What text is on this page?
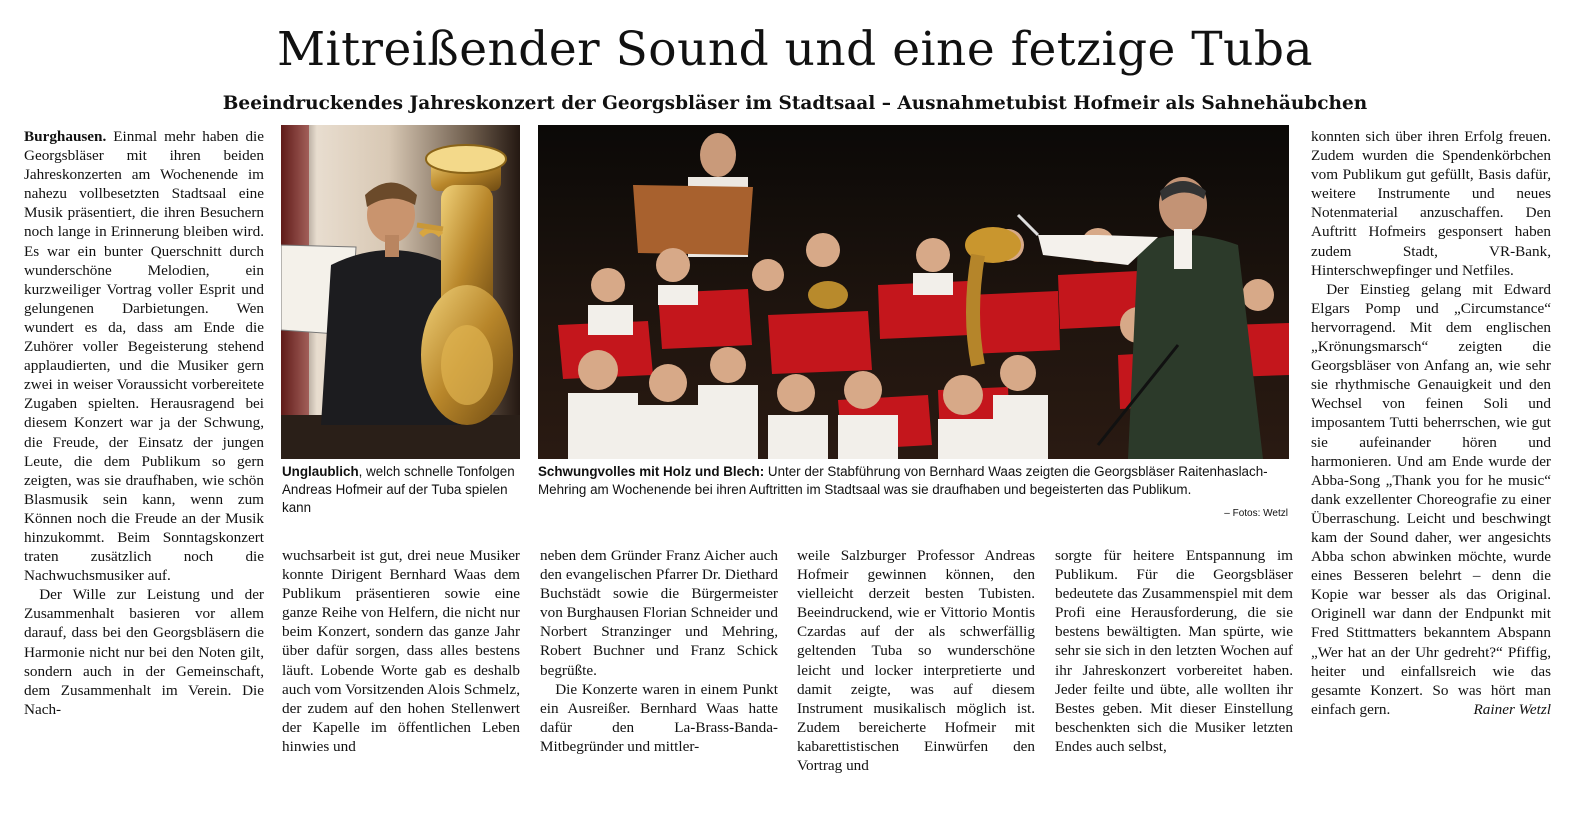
Mitreißender Sound und eine fetzige Tuba
Beeindruckendes Jahreskonzert der Georgsbläser im Stadtsaal – Ausnahmetubist Hofmeir als Sahnehäubchen

Burghausen. Einmal mehr haben die Georgsbläser mit ihren beiden Jahreskonzerten am Wochenende im nahezu vollbesetzten Stadtsaal eine Musik präsentiert, die ihren Besuchern noch lange in Erinnerung bleiben wird. Es war ein bunter Querschnitt durch wunderschöne Melodien, ein kurzweiliger Vortrag voller Esprit und gelungenen Darbietungen. Wen wundert es da, dass am Ende die Zuhörer voller Begeisterung stehend applaudierten, und die Musiker gern zwei in weiser Voraussicht vorbereitete Zugaben spielten. Herausragend bei diesem Konzert war ja der Schwung, die Freude, der Einsatz der jungen Leute, die dem Publikum so gern zeigten, was sie draufhaben, wie schön Blasmusik sein kann, wenn zum Können noch die Freude an der Musik hinzukommt. Beim Sonntagskonzert traten zusätzlich noch die Nachwuchsmusiker auf.

Der Wille zur Leistung und der Zusammenhalt basieren vor allem darauf, dass bei den Georgsbläsern die Harmonie nicht nur bei den Noten gilt, sondern auch in der Gemeinschaft, dem Zusammenhalt im Verein. Die Nach-

Unglaublich, welch schnelle Tonfolgen Andreas Hofmeir auf der Tuba spielen kann
Schwungvolles mit Holz und Blech: Unter der Stabführung von Bernhard Waas zeigten die Georgsbläser Raitenhaslach-Mehring am Wochenende bei ihren Auftritten im Stadtsaal was sie draufhaben und begeisterten das Publikum.
– Fotos: Wetzl

wuchsarbeit ist gut, drei neue Musiker konnte Dirigent Bernhard Waas dem Publikum präsentieren sowie eine ganze Reihe von Helfern, die nicht nur beim Konzert, sondern das ganze Jahr über dafür sorgen, dass alles bestens läuft. Lobende Worte gab es deshalb auch vom Vorsitzenden Alois Schmelz, der zudem auf den hohen Stellenwert der Kapelle im öffentlichen Leben hinwies und

neben dem Gründer Franz Aicher auch den evangelischen Pfarrer Dr. Diethard Buchstädt sowie die Bürgermeister von Burghausen Florian Schneider und Norbert Stranzinger und Mehring, Robert Buchner und Franz Schick begrüßte.

Die Konzerte waren in einem Punkt ein Ausreißer. Bernhard Waas hatte dafür den La-Brass-Banda-Mitbegründer und mittler-

weile Salzburger Professor Andreas Hofmeir gewinnen können, den vielleicht derzeit besten Tubisten. Beeindruckend, wie er Vittorio Montis Czardas auf der als schwerfällig geltenden Tuba so wunderschöne leicht und locker interpretierte und damit zeigte, was auf diesem Instrument musikalisch möglich ist. Zudem bereicherte Hofmeir mit kabarettistischen Einwürfen den Vortrag und

sorgte für heitere Entspannung im Publikum. Für die Georgsbläser bedeutete das Zusammenspiel mit dem Profi eine Herausforderung, die sie bestens bewältigten. Man spürte, wie sehr sie sich in den letzten Wochen auf ihr Jahreskonzert vorbereitet haben. Jeder feilte und übte, alle wollten ihr Bestes geben. Mit dieser Einstellung beschenkten sich die Musiker letzten Endes auch selbst,

konnten sich über ihren Erfolg freuen. Zudem wurden die Spendenkörbchen vom Publikum gut gefüllt, Basis dafür, weitere Instrumente und neues Notenmaterial anzuschaffen. Den Auftritt Hofmeirs gesponsert haben zudem Stadt, VR-Bank, Hinterschwepfinger und Netfiles.

Der Einstieg gelang mit Edward Elgars Pomp und „Circumstance“ hervorragend. Mit dem englischen „Krönungsmarsch“ zeigten die Georgsbläser von Anfang an, wie sehr sie rhythmische Genauigkeit und den Wechsel von feinen Soli und imposantem Tutti beherrschen, wie gut sie aufeinander hören und harmonieren. Und am Ende wurde der Abba-Song „Thank you for he music“ dank exzellenter Choreografie zu einer Überraschung. Leicht und beschwingt kam der Sound daher, wer angesichts Abba schon abwinken möchte, wurde eines Besseren belehrt – denn die Kopie war besser als das Original. Originell war dann der Endpunkt mit Fred Stittmatters bekanntem Abspann „Wer hat an der Uhr gedreht?“ Pfiffig, heiter und einfallsreich wie das gesamte Konzert. So was hört man einfach gern.	Rainer Wetzl
